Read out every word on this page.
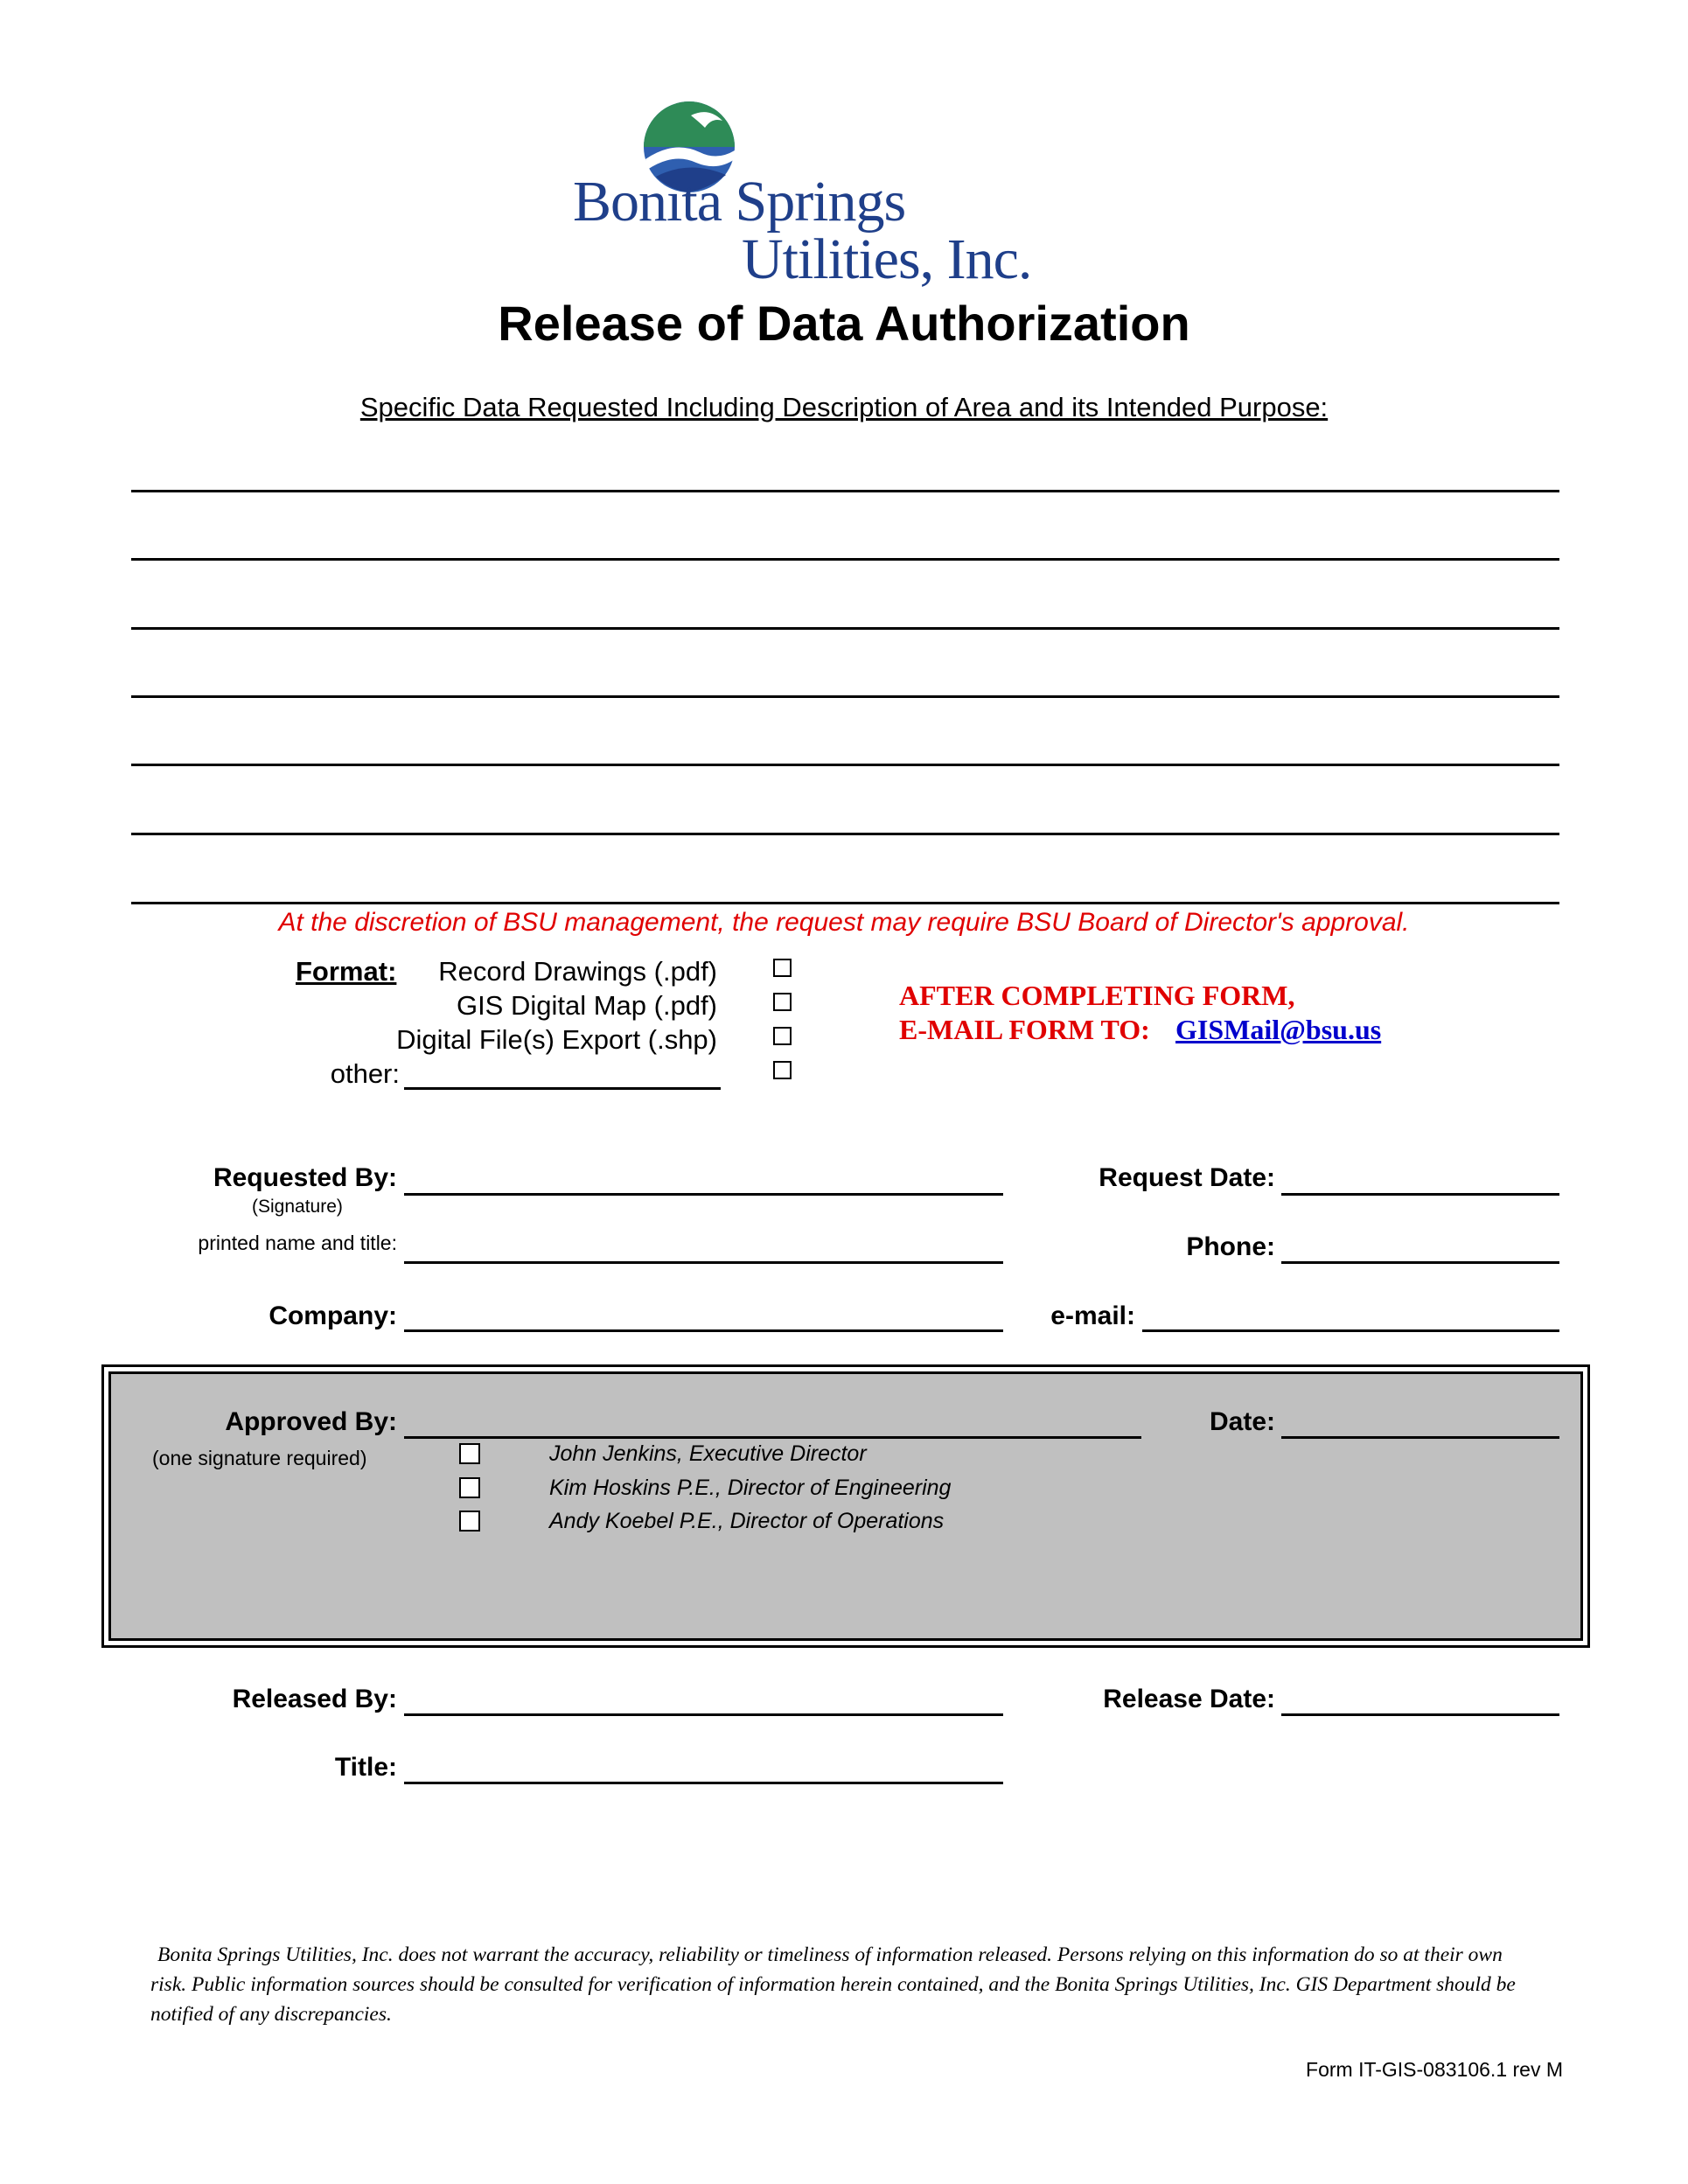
Bonita Springs
Utilities, Inc.
Release of Data Authorization
Specific Data Requested Including Description of Area and its Intended Purpose:
At the discretion of BSU management, the request may require BSU Board of Director's approval.
Format: Record Drawings (.pdf)
GIS Digital Map (.pdf)
Digital File(s) Export (.shp)
other:
AFTER COMPLETING FORM,
E-MAIL FORM TO: GISMail@bsu.us
Requested By:
(Signature)
printed name and title:
Company:
Request Date:
Phone:
e-mail:
Approved By:
(one signature required)
Date:
John Jenkins, Executive Director
Kim Hoskins P.E., Director of Engineering
Andy Koebel P.E., Director of Operations
Released By:
Title:
Release Date:
Bonita Springs Utilities, Inc. does not warrant the accuracy, reliability or timeliness of information released. Persons relying on this information do so at their own risk. Public information sources should be consulted for verification of information herein contained, and the Bonita Springs Utilities, Inc. GIS Department should be notified of any discrepancies.
Form IT-GIS-083106.1 rev M
